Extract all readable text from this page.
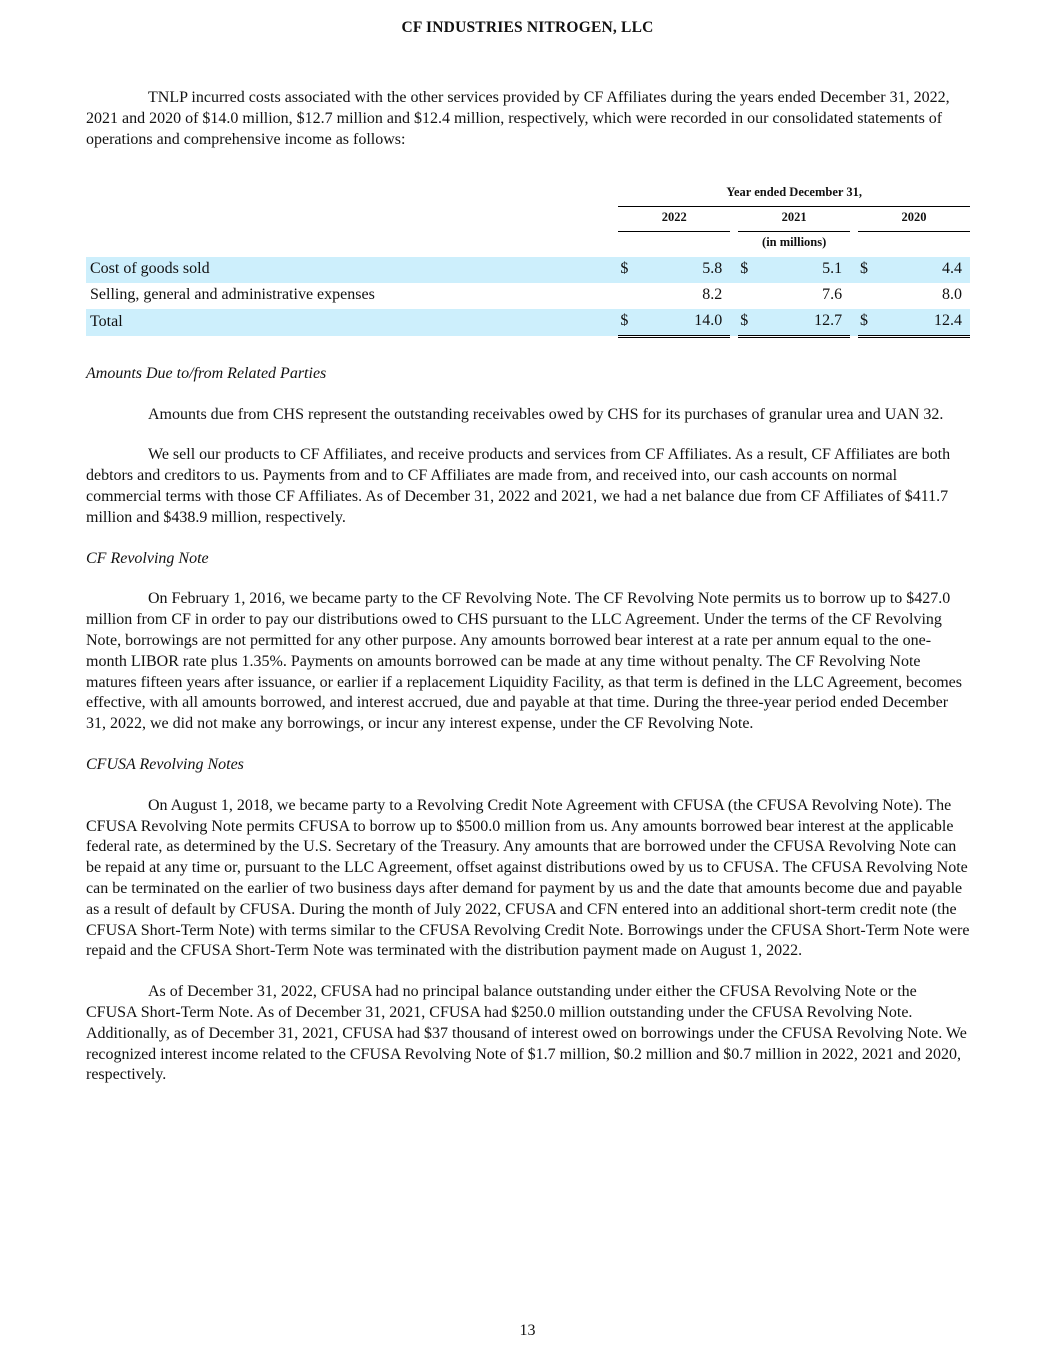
CF INDUSTRIES NITROGEN, LLC

TNLP incurred costs associated with the other services provided by CF Affiliates during the years ended December 31, 2022, 2021 and 2020 of $14.0 million, $12.7 million and $12.4 million, respectively, which were recorded in our consolidated statements of operations and comprehensive income as follows:

	Year ended December 31,							
	2022			2021			2020	
	(in millions)							

Cost of goods sold	$	5.8		$	5.1		$	4.4
Selling, general and administrative expenses		8.2			7.6			8.0
Total	$	14.0		$	12.7		$	12.4

Amounts Due to/from Related Parties

Amounts due from CHS represent the outstanding receivables owed by CHS for its purchases of granular urea and UAN 32.

We sell our products to CF Affiliates, and receive products and services from CF Affiliates. As a result, CF Affiliates are both debtors and creditors to us. Payments from and to CF Affiliates are made from, and received into, our cash accounts on normal commercial terms with those CF Affiliates. As of December 31, 2022 and 2021, we had a net balance due from CF Affiliates of $411.7 million and $438.9 million, respectively.

CF Revolving Note

On February 1, 2016, we became party to the CF Revolving Note. The CF Revolving Note permits us to borrow up to $427.0 million from CF in order to pay our distributions owed to CHS pursuant to the LLC Agreement. Under the terms of the CF Revolving Note, borrowings are not permitted for any other purpose. Any amounts borrowed bear interest at a rate per annum equal to the one-month LIBOR rate plus 1.35%. Payments on amounts borrowed can be made at any time without penalty. The CF Revolving Note matures fifteen years after issuance, or earlier if a replacement Liquidity Facility, as that term is defined in the LLC Agreement, becomes effective, with all amounts borrowed, and interest accrued, due and payable at that time. During the three-year period ended December 31, 2022, we did not make any borrowings, or incur any interest expense, under the CF Revolving Note.

CFUSA Revolving Notes

On August 1, 2018, we became party to a Revolving Credit Note Agreement with CFUSA (the CFUSA Revolving Note). The CFUSA Revolving Note permits CFUSA to borrow up to $500.0 million from us. Any amounts borrowed bear interest at the applicable federal rate, as determined by the U.S. Secretary of the Treasury. Any amounts that are borrowed under the CFUSA Revolving Note can be repaid at any time or, pursuant to the LLC Agreement, offset against distributions owed by us to CFUSA. The CFUSA Revolving Note can be terminated on the earlier of two business days after demand for payment by us and the date that amounts become due and payable as a result of default by CFUSA. During the month of July 2022, CFUSA and CFN entered into an additional short-term credit note (the CFUSA Short-Term Note) with terms similar to the CFUSA Revolving Credit Note. Borrowings under the CFUSA Short-Term Note were repaid and the CFUSA Short-Term Note was terminated with the distribution payment made on August 1, 2022.

As of December 31, 2022, CFUSA had no principal balance outstanding under either the CFUSA Revolving Note or the CFUSA Short-Term Note. As of December 31, 2021, CFUSA had $250.0 million outstanding under the CFUSA Revolving Note. Additionally, as of December 31, 2021, CFUSA had $37 thousand of interest owed on borrowings under the CFUSA Revolving Note. We recognized interest income related to the CFUSA Revolving Note of $1.7 million, $0.2 million and $0.7 million in 2022, 2021 and 2020, respectively.

13
